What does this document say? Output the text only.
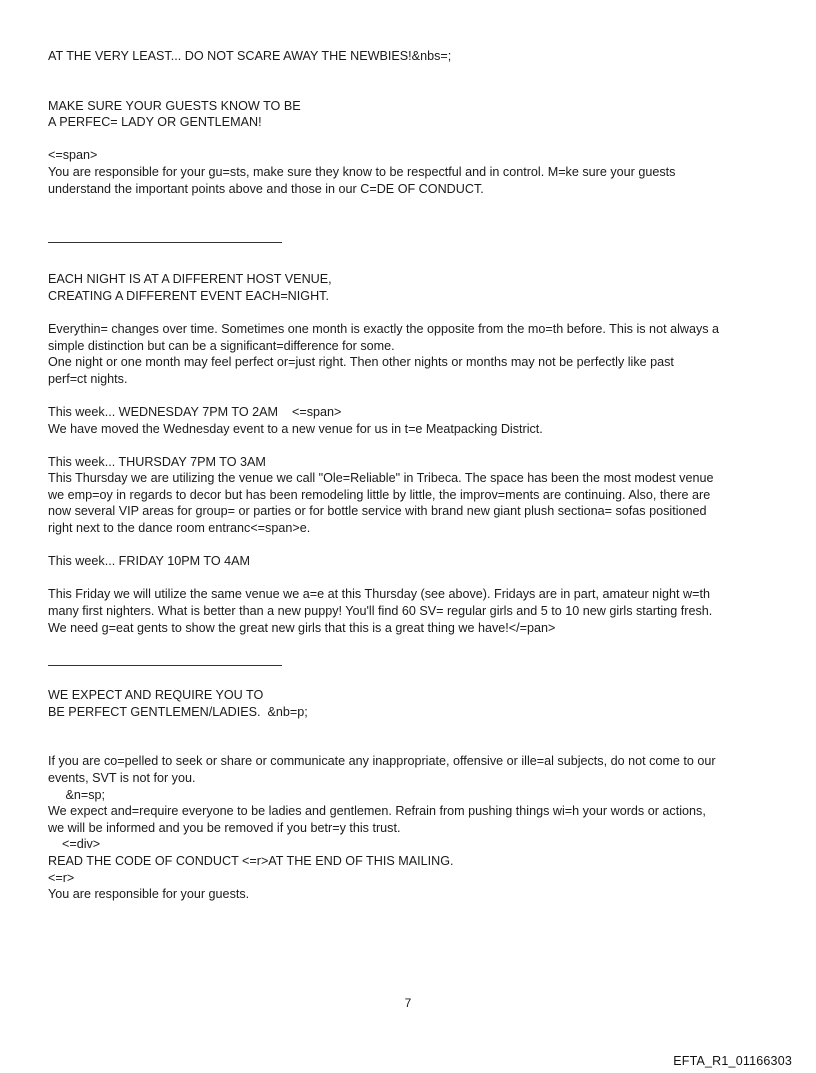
AT THE VERY LEAST... DO NOT SCARE AWAY THE NEWBIES!&nbs=;

MAKE SURE YOUR GUESTS KNOW TO BE

A PERFEC= LADY OR GENTLEMAN!

<=span>

You are responsible for your gu=sts, make sure they know to be respectful and in control. M=ke sure your guests

understand the important points above and those in our C=DE OF CONDUCT.

EACH NIGHT IS AT A DIFFERENT HOST VENUE,

CREATING A DIFFERENT EVENT EACH=NIGHT.

Everythin= changes over time. Sometimes one month is exactly the opposite from the mo=th before. This is not always a

simple distinction but can be a significant=difference for some.

One night or one month may feel perfect or=just right. Then other nights or months may not be perfectly like past

perf=ct nights.

This week... WEDNESDAY 7PM TO 2AM    <=span>

We have moved the Wednesday event to a new venue for us in t=e Meatpacking District.

This week... THURSDAY 7PM TO 3AM

This Thursday we are utilizing the venue we call "Ole=Reliable" in Tribeca. The space has been the most modest venue

we emp=oy in regards to decor but has been remodeling little by little, the improv=ments are continuing. Also, there are

now several VIP areas for group= or parties or for bottle service with brand new giant plush sectiona= sofas positioned

right next to the dance room entranc<=span>e.

This week... FRIDAY 10PM TO 4AM

This Friday we will utilize the same venue we a=e at this Thursday (see above). Fridays are in part, amateur night w=th

many first nighters. What is better than a new puppy! You'll find 60 SV= regular girls and 5 to 10 new girls starting fresh.

We need g=eat gents to show the great new girls that this is a great thing we have!</=pan>

WE EXPECT AND REQUIRE YOU TO

BE PERFECT GENTLEMEN/LADIES.  &nb=p;

If you are co=pelled to seek or share or communicate any inappropriate, offensive or ille=al subjects, do not come to our

events, SVT is not for you.

&n=sp;

We expect and=require everyone to be ladies and gentlemen. Refrain from pushing things wi=h your words or actions,

we will be informed and you be removed if you betr=y this trust.

<=div>

READ THE CODE OF CONDUCT <=r>AT THE END OF THIS MAILING.

<=r>

You are responsible for your guests.

7
EFTA_R1_01166303
